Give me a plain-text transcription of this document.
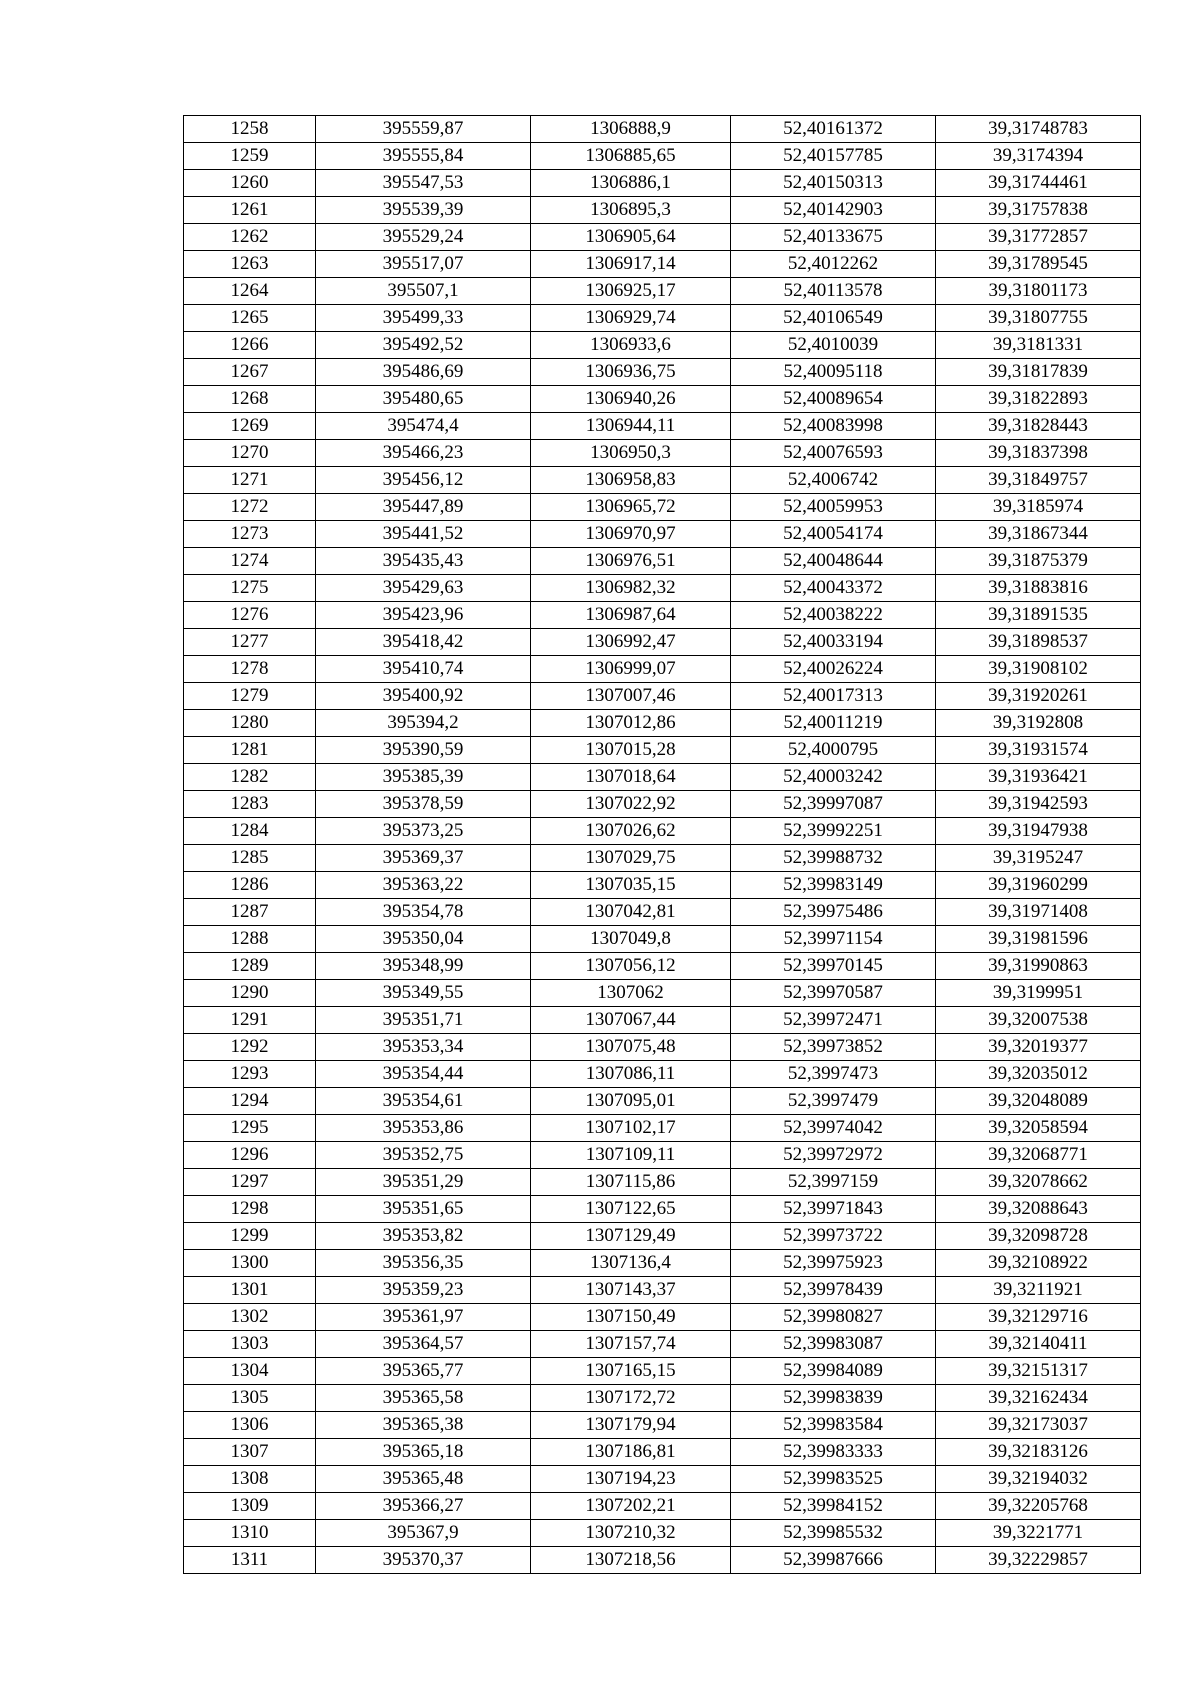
1258	395559,87	1306888,9	52,40161372	39,31748783
1259	395555,84	1306885,65	52,40157785	39,3174394
1260	395547,53	1306886,1	52,40150313	39,31744461
1261	395539,39	1306895,3	52,40142903	39,31757838
1262	395529,24	1306905,64	52,40133675	39,31772857
1263	395517,07	1306917,14	52,4012262	39,31789545
1264	395507,1	1306925,17	52,40113578	39,31801173
1265	395499,33	1306929,74	52,40106549	39,31807755
1266	395492,52	1306933,6	52,4010039	39,3181331
1267	395486,69	1306936,75	52,40095118	39,31817839
1268	395480,65	1306940,26	52,40089654	39,31822893
1269	395474,4	1306944,11	52,40083998	39,31828443
1270	395466,23	1306950,3	52,40076593	39,31837398
1271	395456,12	1306958,83	52,4006742	39,31849757
1272	395447,89	1306965,72	52,40059953	39,3185974
1273	395441,52	1306970,97	52,40054174	39,31867344
1274	395435,43	1306976,51	52,40048644	39,31875379
1275	395429,63	1306982,32	52,40043372	39,31883816
1276	395423,96	1306987,64	52,40038222	39,31891535
1277	395418,42	1306992,47	52,40033194	39,31898537
1278	395410,74	1306999,07	52,40026224	39,31908102
1279	395400,92	1307007,46	52,40017313	39,31920261
1280	395394,2	1307012,86	52,40011219	39,3192808
1281	395390,59	1307015,28	52,4000795	39,31931574
1282	395385,39	1307018,64	52,40003242	39,31936421
1283	395378,59	1307022,92	52,39997087	39,31942593
1284	395373,25	1307026,62	52,39992251	39,31947938
1285	395369,37	1307029,75	52,39988732	39,3195247
1286	395363,22	1307035,15	52,39983149	39,31960299
1287	395354,78	1307042,81	52,39975486	39,31971408
1288	395350,04	1307049,8	52,39971154	39,31981596
1289	395348,99	1307056,12	52,39970145	39,31990863
1290	395349,55	1307062	52,39970587	39,3199951
1291	395351,71	1307067,44	52,39972471	39,32007538
1292	395353,34	1307075,48	52,39973852	39,32019377
1293	395354,44	1307086,11	52,3997473	39,32035012
1294	395354,61	1307095,01	52,3997479	39,32048089
1295	395353,86	1307102,17	52,39974042	39,32058594
1296	395352,75	1307109,11	52,39972972	39,32068771
1297	395351,29	1307115,86	52,3997159	39,32078662
1298	395351,65	1307122,65	52,39971843	39,32088643
1299	395353,82	1307129,49	52,39973722	39,32098728
1300	395356,35	1307136,4	52,39975923	39,32108922
1301	395359,23	1307143,37	52,39978439	39,3211921
1302	395361,97	1307150,49	52,39980827	39,32129716
1303	395364,57	1307157,74	52,39983087	39,32140411
1304	395365,77	1307165,15	52,39984089	39,32151317
1305	395365,58	1307172,72	52,39983839	39,32162434
1306	395365,38	1307179,94	52,39983584	39,32173037
1307	395365,18	1307186,81	52,39983333	39,32183126
1308	395365,48	1307194,23	52,39983525	39,32194032
1309	395366,27	1307202,21	52,39984152	39,32205768
1310	395367,9	1307210,32	52,39985532	39,3221771
1311	395370,37	1307218,56	52,39987666	39,32229857
